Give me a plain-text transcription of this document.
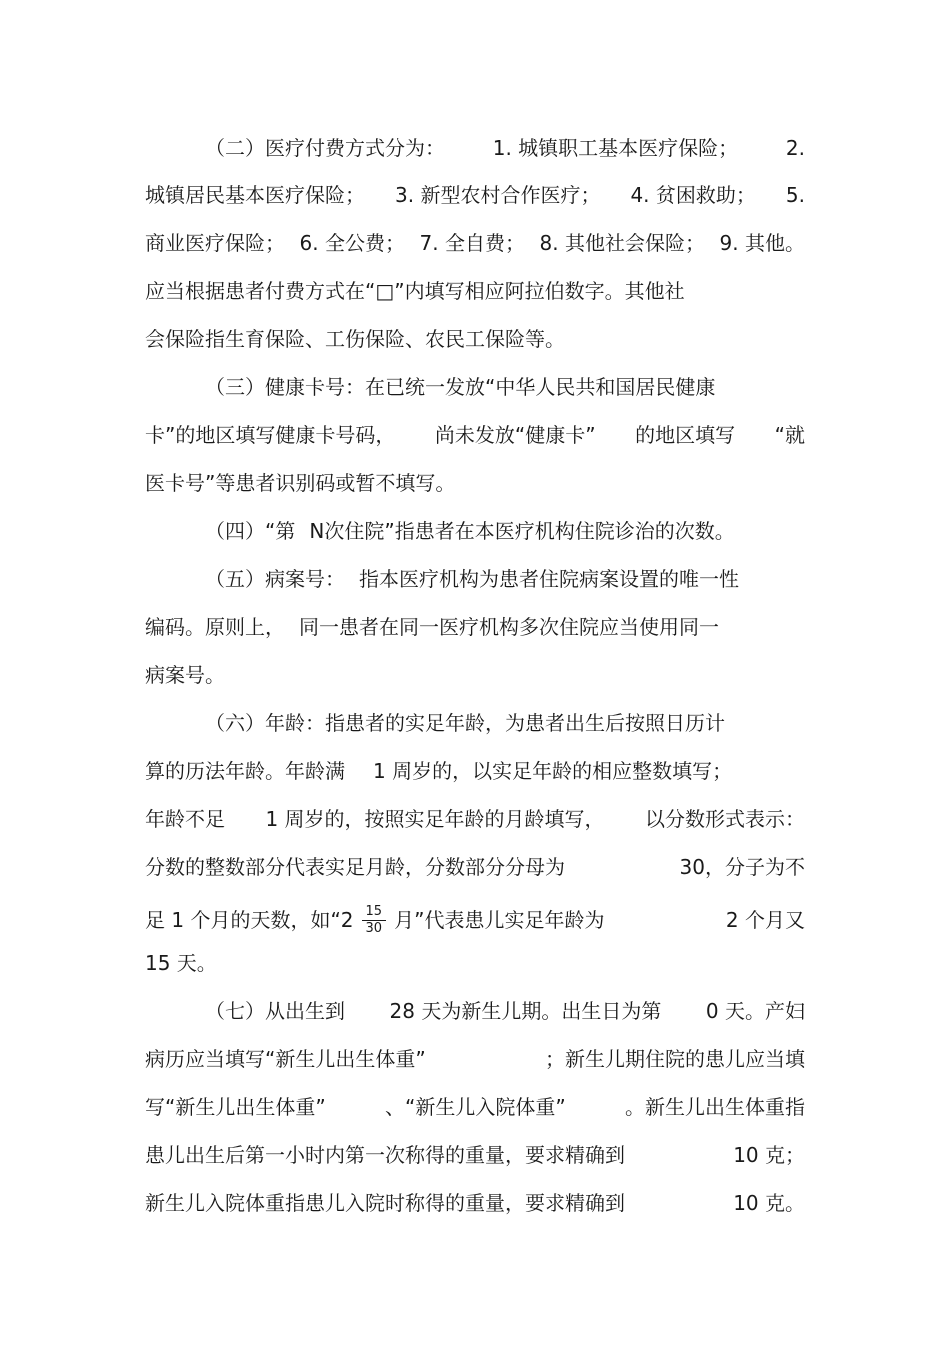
（二）医疗付费方式分为： 1. 城镇职工基本医疗保险； 2.
城镇居民基本医疗保险； 3. 新型农村合作医疗； 4. 贫困救助； 5.
商业医疗保险； 6. 全公费； 7. 全自费； 8. 其他社会保险； 9. 其他。
应当根据患者付费方式在“□”内填写相应阿拉伯数字。其他社
会保险指生育保险、工伤保险、农民工保险等。
（三）健康卡号：在已统一发放“中华人民共和国居民健康
卡”的地区填写健康卡号码， 尚未发放“健康卡” 的地区填写 “就
医卡号”等患者识别码或暂不填写。
（四）“第 N次住院”指患者在本医疗机构住院诊治的次数。
（五）病案号： 指本医疗机构为患者住院病案设置的唯一性
编码。原则上， 同一患者在同一医疗机构多次住院应当使用同一
病案号。
（六）年龄：指患者的实足年龄，为患者出生后按照日历计
算的历法年龄。年龄满 1 周岁的，以实足年龄的相应整数填写；
年龄不足 1 周岁的，按照实足年龄的月龄填写， 以分数形式表示：
分数的整数部分代表实足月龄，分数部分分母为	30，分子为不
足 1 个月的天数，如“$2 \frac{15}{30}$ 月”代表患儿实足年龄为	2 个月又
15 天。
（七）从出生到 28 天为新生儿期。出生日为第 0 天。产妇
病历应当填写“新生儿出生体重”	；新生儿期住院的患儿应当填
写“新生儿出生体重”	、“新生儿入院体重”	。新生儿出生体重指
患儿出生后第一小时内第一次称得的重量，要求精确到	10 克；
新生儿入院体重指患儿入院时称得的重量，要求精确到	10 克。
